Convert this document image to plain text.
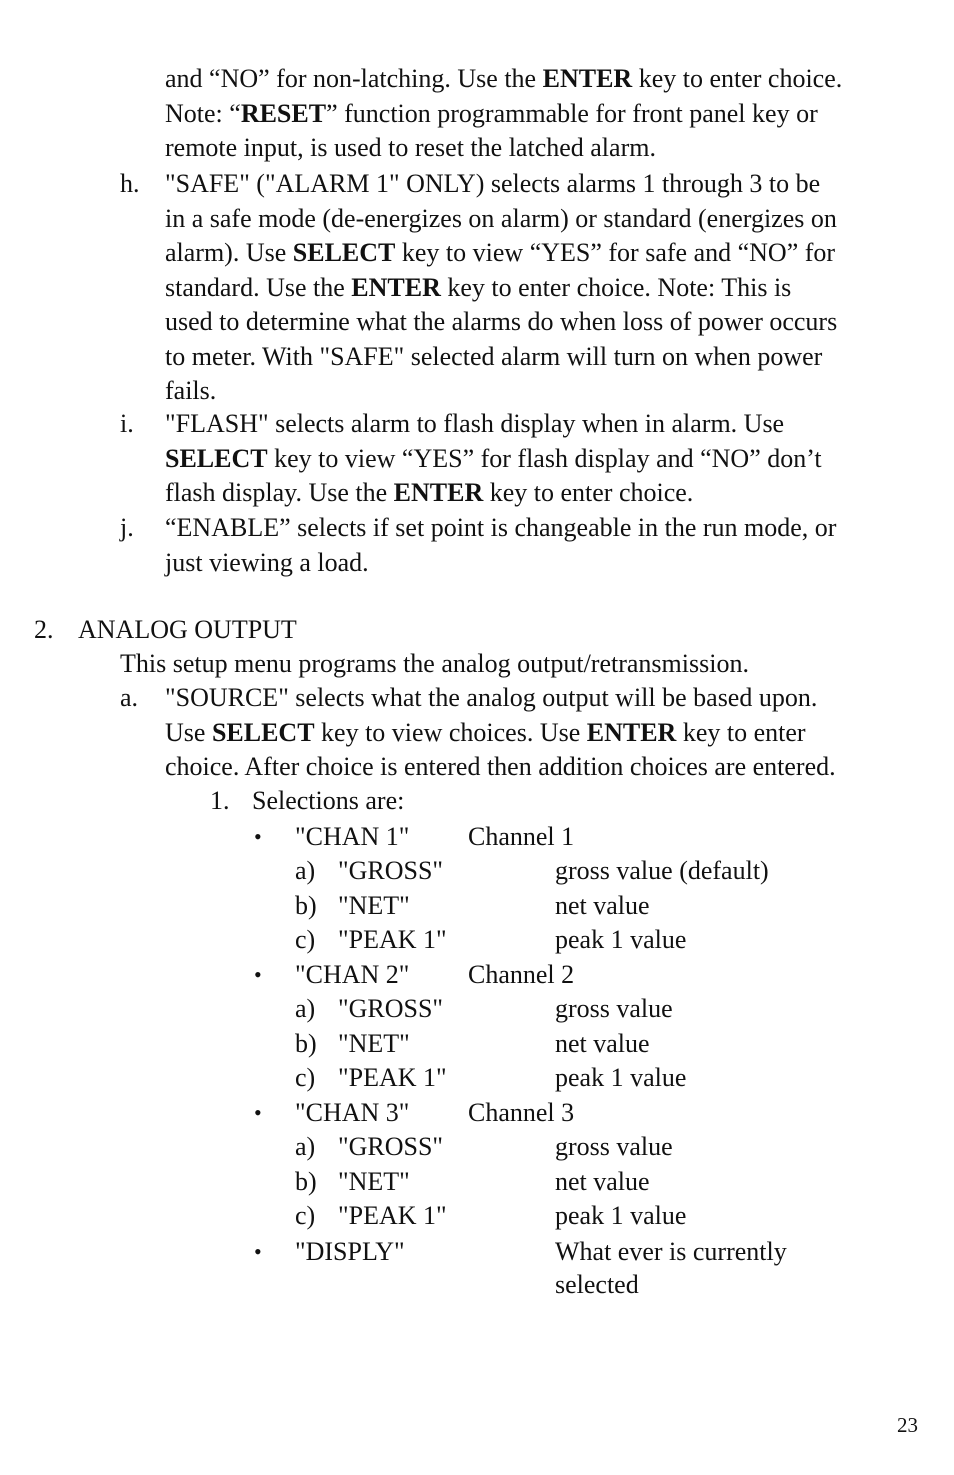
and “NO” for non-latching. Use the ENTER key to enter choice.
Note: “RESET” function programmable for front panel key or
remote input, is used to reset the latched alarm.
h. "SAFE" ("ALARM 1" ONLY) selects alarms 1 through 3 to be
in a safe mode (de-energizes on alarm) or standard (energizes on
alarm). Use SELECT key to view “YES” for safe and “NO” for
standard. Use the ENTER key to enter choice. Note: This is
used to determine what the alarms do when loss of power occurs
to meter. With "SAFE" selected alarm will turn on when power
fails.
i. "FLASH" selects alarm to flash display when in alarm. Use
SELECT key to view “YES” for flash display and “NO” don’t
flash display. Use the ENTER key to enter choice.
j. “ENABLE” selects if set point is changeable in the run mode, or
just viewing a load.
2. ANALOG OUTPUT
This setup menu programs the analog output/retransmission.
a. "SOURCE" selects what the analog output will be based upon.
Use SELECT key to view choices. Use ENTER key to enter
choice. After choice is entered then addition choices are entered.
1. Selections are:
• "CHAN 1" Channel 1
a) "GROSS"	gross value (default)
b) "NET"	net value
c) "PEAK 1"	peak 1 value
• "CHAN 2" Channel 2
a) "GROSS"	gross value
b) "NET"	net value
c) "PEAK 1"	peak 1 value
• "CHAN 3" Channel 3
a) "GROSS"	gross value
b) "NET"	net value
c) "PEAK 1"	peak 1 value
• "DISPLY"	What ever is currently
selected
23
